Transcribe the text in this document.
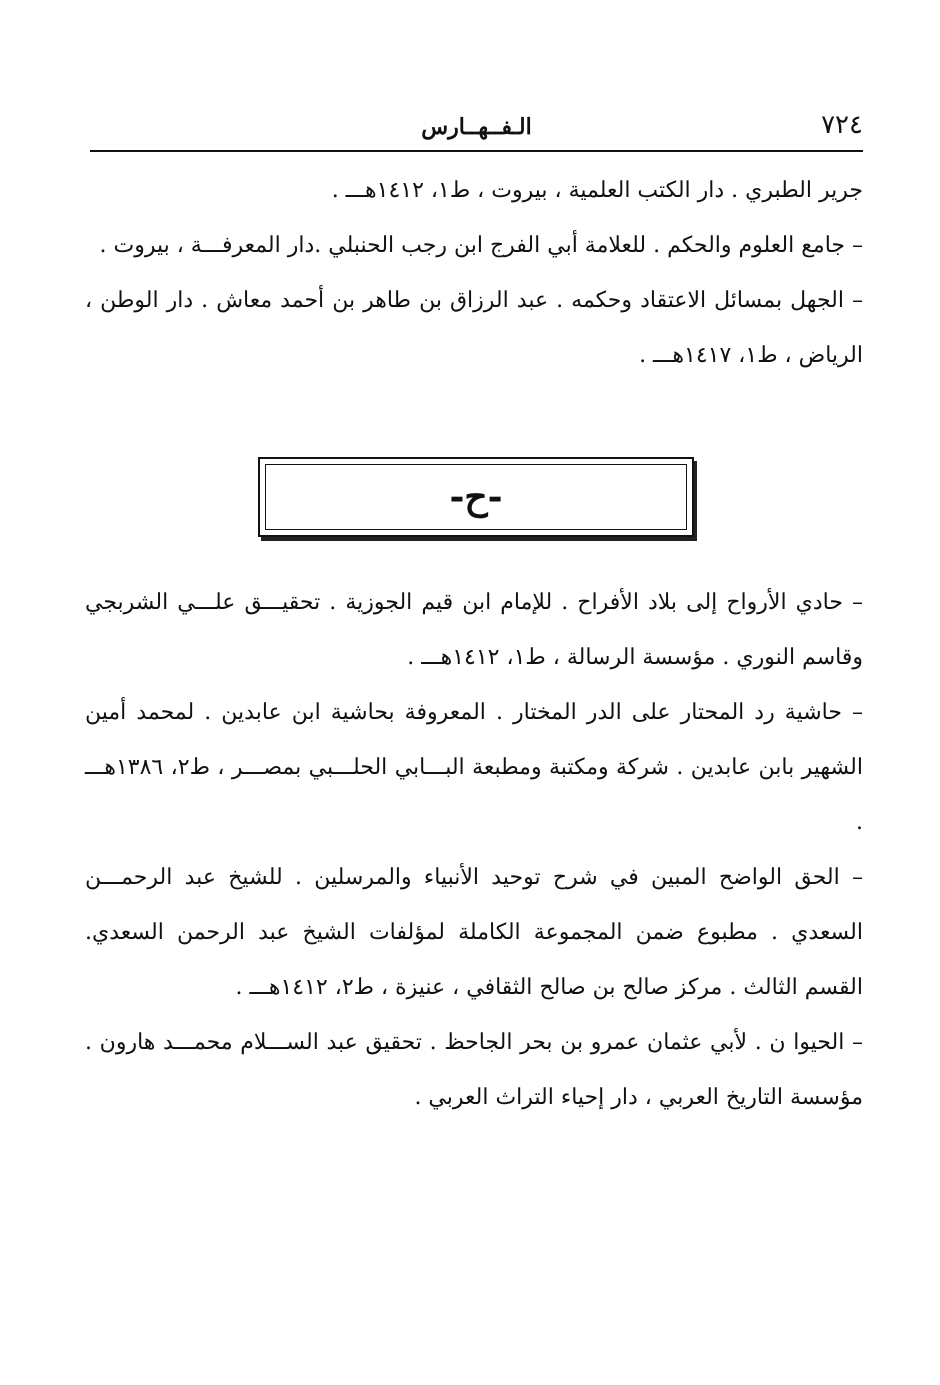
٧٢٤
الـفــهــارس

جرير الطبري . دار الكتب العلمية ، بيروت ، ط١، ١٤١٢هـــ .

– جامع العلوم والحكم . للعلامة أبي الفرج ابن رجب الحنبلي .دار المعرفـــة ، بيروت .

– الجهل بمسائل الاعتقاد وحكمه . عبد الرزاق بن طاهر بن أحمد معاش . دار الوطن ، الرياض ، ط١، ١٤١٧هـــ .

-ح-

– حادي الأرواح إلى بلاد الأفراح . للإمام ابن قيم الجوزية . تحقيـــق علـــي الشربجي وقاسم النوري . مؤسسة الرسالة ، ط١، ١٤١٢هـــ .

– حاشية رد المحتار على الدر المختار . المعروفة بحاشية ابن عابدين . لمحمد أمين الشهير بابن عابدين . شركة ومكتبة ومطبعة البـــابي الحلـــبي بمصـــر ، ط٢، ١٣٨٦هـــ .

– الحق الواضح المبين في شرح توحيد الأنبياء والمرسلين . للشيخ عبد الرحمـــن السعدي . مطبوع ضمن المجموعة الكاملة لمؤلفات الشيخ عبد الرحمن السعدي. القسم الثالث . مركز صالح بن صالح الثقافي ، عنيزة ، ط٢، ١٤١٢هـــ .

– الحيوا ن . لأبي عثمان عمرو بن بحر الجاحظ . تحقيق عبد الســـلام محمـــد هارون . مؤسسة التاريخ العربي ، دار إحياء التراث العربي .
